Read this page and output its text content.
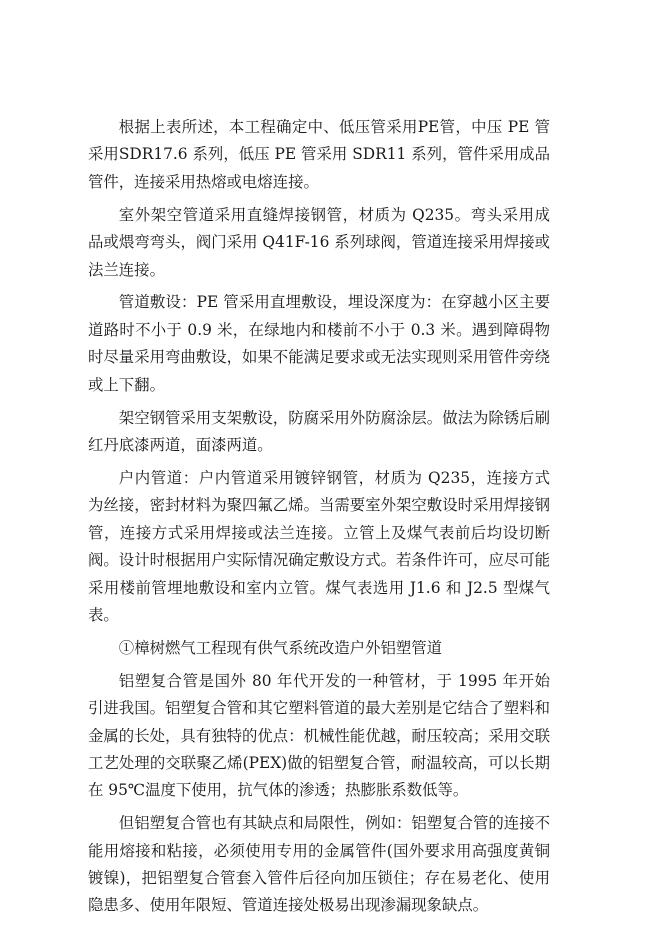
根据上表所述，本工程确定中、低压管采用PE管，中压 PE 管采用SDR17.6 系列，低压 PE 管采用 SDR11 系列，管件采用成品管件，连接采用热熔或电熔连接。

室外架空管道采用直缝焊接钢管，材质为 Q235。弯头采用成品或煨弯弯头，阀门采用 Q41F-16 系列球阀，管道连接采用焊接或法兰连接。

管道敷设：PE 管采用直埋敷设，埋设深度为：在穿越小区主要道路时不小于 0.9 米，在绿地内和楼前不小于 0.3 米。遇到障碍物时尽量采用弯曲敷设，如果不能满足要求或无法实现则采用管件旁绕或上下翻。

架空钢管采用支架敷设，防腐采用外防腐涂层。做法为除锈后刷红丹底漆两道，面漆两道。

户内管道：户内管道采用镀锌钢管，材质为 Q235，连接方式为丝接，密封材料为聚四氟乙烯。当需要室外架空敷设时采用焊接钢管，连接方式采用焊接或法兰连接。立管上及煤气表前后均设切断阀。设计时根据用户实际情况确定敷设方式。若条件许可，应尽可能采用楼前管埋地敷设和室内立管。煤气表选用 J1.6 和 J2.5 型煤气表。

①樟树燃气工程现有供气系统改造户外铝塑管道

铝塑复合管是国外 80 年代开发的一种管材，于 1995 年开始引进我国。铝塑复合管和其它塑料管道的最大差别是它结合了塑料和金属的长处，具有独特的优点：机械性能优越，耐压较高；采用交联工艺处理的交联聚乙烯(PEX)做的铝塑复合管，耐温较高，可以长期在 95℃温度下使用，抗气体的渗透；热膨胀系数低等。

但铝塑复合管也有其缺点和局限性，例如：铝塑复合管的连接不能用熔接和粘接，必须使用专用的金属管件(国外要求用高强度黄铜镀镍)，把铝塑复合管套入管件后径向加压锁住；存在易老化、使用隐患多、使用年限短、管道连接处极易出现渗漏现象缺点。
